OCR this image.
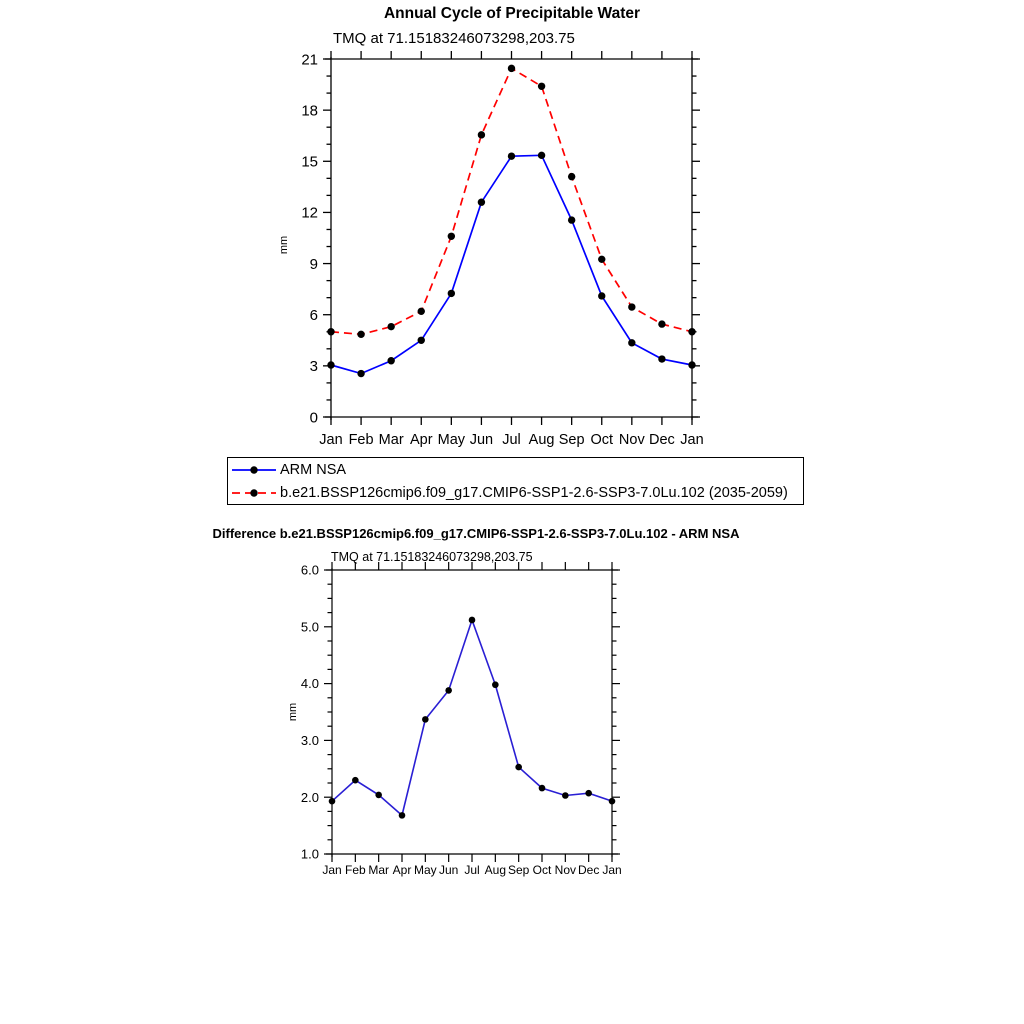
Jan Feb Mar Apr May Jun Jul Aug Sep Oct Nov Dec Jan
0
3
6
9
12
15
18
21
Jan Feb Mar Apr May Jun Jul Aug Sep Oct Nov Dec Jan
1.0
2.0
3.0
4.0
5.0
6.0
Annual Cycle of Precipitable Water
TMQ at 71.15183246073298,203.75
mm
ARM NSA
b.e21.BSSP126cmip6.f09_g17.CMIP6-SSP1-2.6-SSP3-7.0Lu.102 (2035-2059)
Difference b.e21.BSSP126cmip6.f09_g17.CMIP6-SSP1-2.6-SSP3-7.0Lu.102 - ARM NSA
TMQ at 71.15183246073298,203.75
mm
